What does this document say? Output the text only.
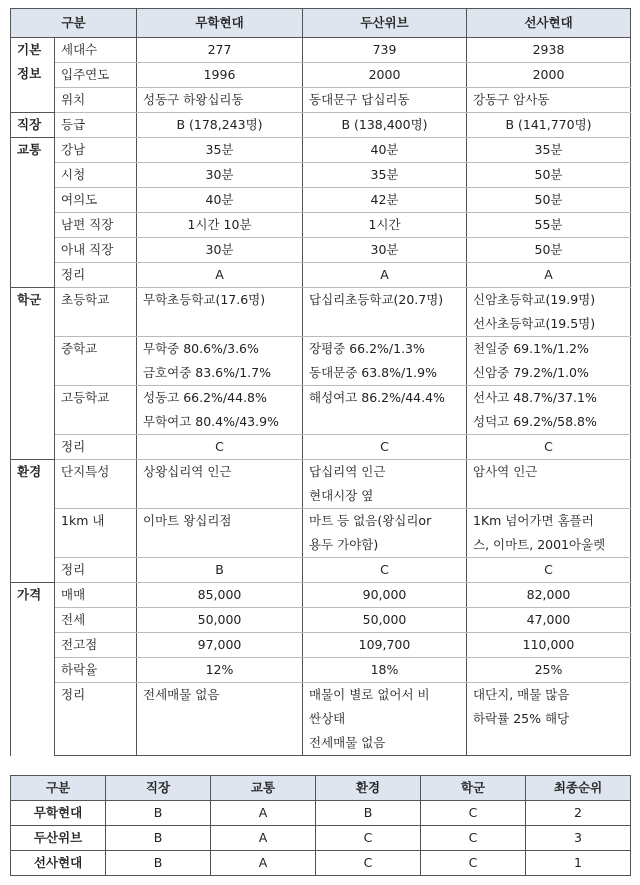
구분		무학현대	두산위브	선사현대

기본
정보	세대수	277	739	2938

	입주연도	1996	2000	2000

	위치	성동구 하왕십리동	동대문구 답십리동	강동구 암사동

직장	등급	B (178,243명)	B (138,400명)	B (141,770명)

교통	강남	35분	40분	35분

	시청	30분	35분	50분

	여의도	40분	42분	50분

	남편 직장	1시간 10분	1시간	55분

	아내 직장	30분	30분	50분

	정리	A	A	A

학군	초등학교	무학초등학교(17.6명)	답십리초등학교(20.7명)	신암초등학교(19.9명)
선사초등학교(19.5명)

	중학교	무학중 80.6%/3.6%
금호여중 83.6%/1.7%	장평중 66.2%/1.3%
동대문중 63.8%/1.9%	천일중 69.1%/1.2%
신암중 79.2%/1.0%

	고등학교	성동고 66.2%/44.8%
무학여고 80.4%/43.9%	해성여고 86.2%/44.4%	선사고 48.7%/37.1%
성덕고 69.2%/58.8%

	정리	C	C	C

환경	단지특성	상왕십리역 인근	답십리역 인근
현대시장 옆	암사역 인근

	1km 내	이마트 왕십리점	마트 등 없음(왕십리or
용두 가야함)	1Km 넘어가면 홈플러
스, 이마트, 2001아울렛

	정리	B	C	C

가격	매매	85,000	90,000	82,000

	전세	50,000	50,000	47,000

	전고점	97,000	109,700	110,000

	하락율	12%	18%	25%

	정리	전세매물 없음	매물이 별로 없어서 비
싼상태
전세매물 없음	대단지, 매물 많음
하락률 25% 해당
구분	직장	교통	환경	학군	최종순위
무학현대	B	A	B	C	2
두산위브	B	A	C	C	3
선사현대	B	A	C	C	1
